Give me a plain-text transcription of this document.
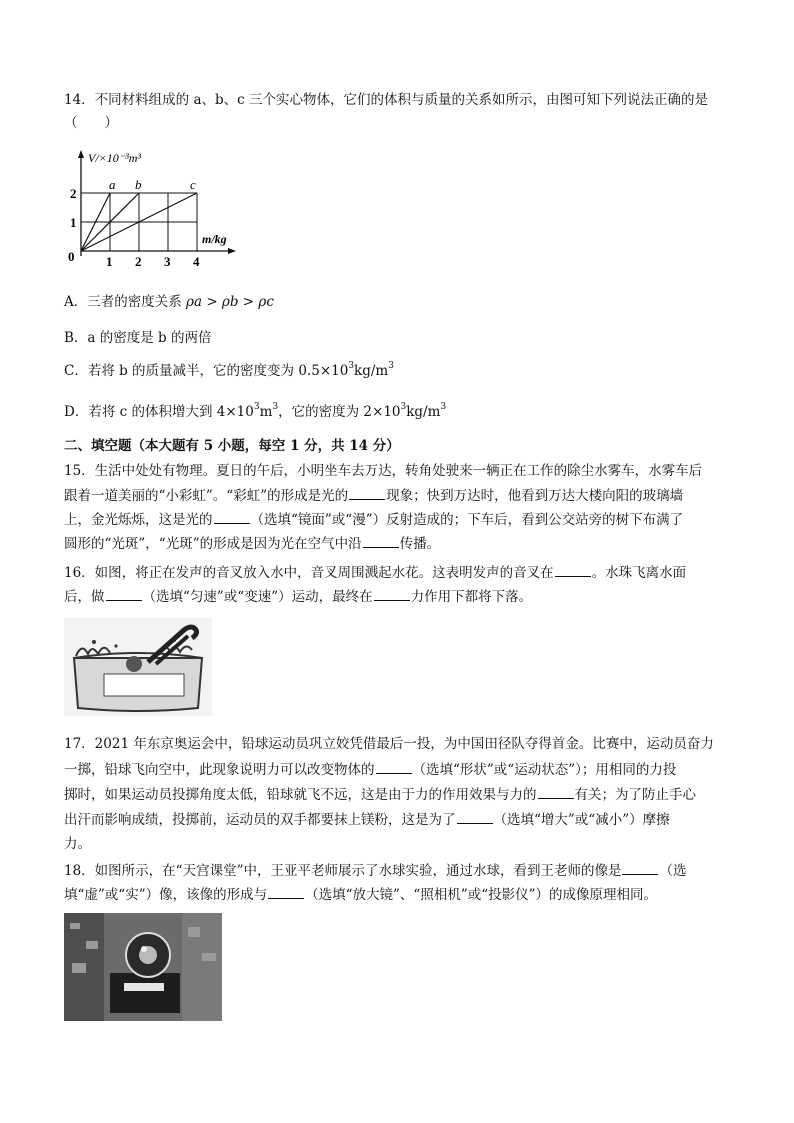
14．不同材料组成的 a、b、c 三个实心物体，它们的体积与质量的关系如所示，由图可知下列说法正确的是
（　　）
V/×10⁻³m³
m/kg
0
1
2
1 2 3 4
a b	c
A．三者的密度关系 ρa > ρb > ρc
B．a 的密度是 b 的两倍
C．若将 b 的质量减半，它的密度变为 $0.5\times 10^3kg/m^3$
D．若将 c 的体积增大到 $4\times 10^3m^3$，它的密度为 $2\times 10^3kg/m^3$
二、填空题（本大题有 5 小题，每空 1 分，共 14 分）
15．生活中处处有物理。夏日的午后，小明坐车去万达，转角处驶来一辆正在工作的除尘水雾车，水雾车后
跟着一道美丽的“小彩虹”。“彩虹”的形成是光的	现象；快到万达时，他看到万达大楼向阳的玻璃墙
上，金光烁烁，这是光的	（选填“镜面”或“漫”）反射造成的；下车后，看到公交站旁的树下布满了
圆形的“光斑”，“光斑”的形成是因为光在空气中沿	传播。
16．如图，将正在发声的音叉放入水中，音叉周围溅起水花。这表明发声的音叉在	。水珠飞离水面
后，做	（选填“匀速”或“变速”）运动，最终在	力作用下都将下落。
17．2021 年东京奥运会中，铅球运动员巩立姣凭借最后一投，为中国田径队夺得首金。比赛中，运动员奋力
一掷，铅球飞向空中，此现象说明力可以改变物体的	（选填“形状”或“运动状态”）；用相同的力投
掷时，如果运动员投掷角度太低，铅球就飞不远，这是由于力的作用效果与力的	有关；为了防止手心
出汗而影响成绩，投掷前，运动员的双手都要抹上镁粉，这是为了	（选填“增大”或“减小”）摩擦
力。
18．如图所示，在“天宫课堂”中，王亚平老师展示了水球实验，通过水球，看到王老师的像是	（选
填“虚”或“实”）像，该像的形成与	（选填“放大镜”、“照相机”或“投影仪”）的成像原理相同。
